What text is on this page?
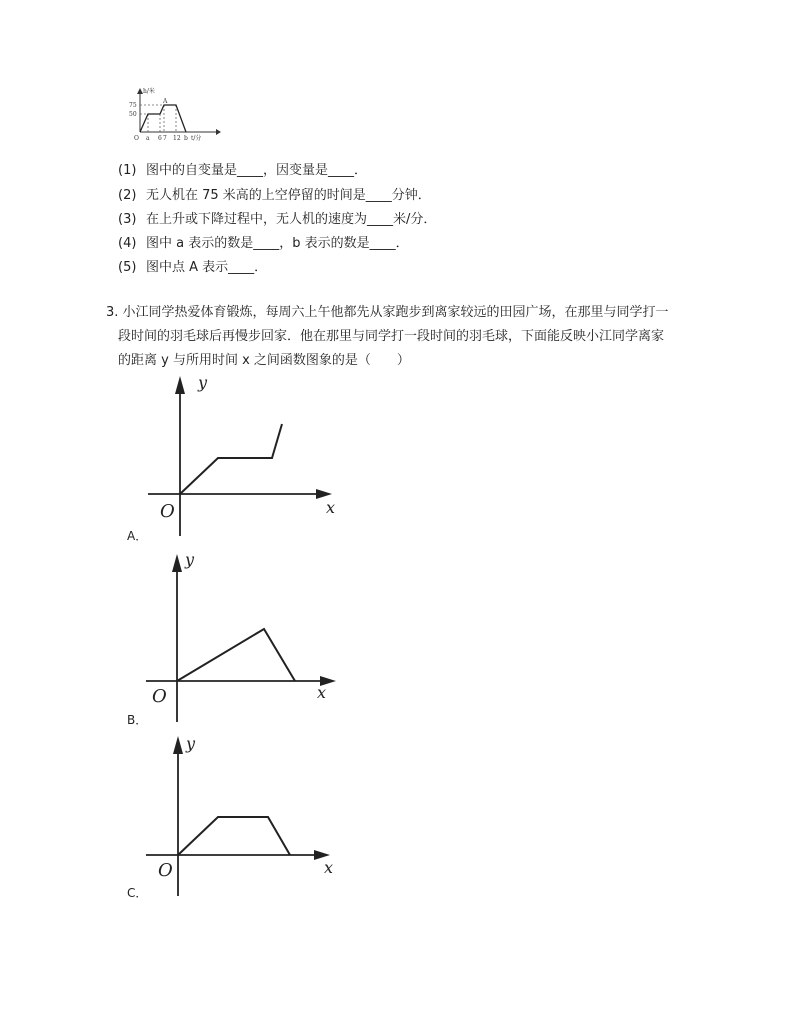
h/米
75
50
O a 6 7 12 b t/分
A
(1) 图中的自变量是____，因变量是____．
(2) 无人机在 75 米高的上空停留的时间是____分钟．
(3) 在上升或下降过程中，无人机的速度为____米/分．
(4) 图中 a 表示的数是____，b 表示的数是____．
(5) 图中点 A 表示____．
3. 小江同学热爱体育锻炼，每周六上午他都先从家跑步到离家较远的田园广场，在那里与同学打一
段时间的羽毛球后再慢步回家．他在那里与同学打一段时间的羽毛球，下面能反映小江同学离家
的距离 y 与所用时间 x 之间函数图象的是（　　）
y
x
O
A．
y
x
O
B．
y
x
O
C．
